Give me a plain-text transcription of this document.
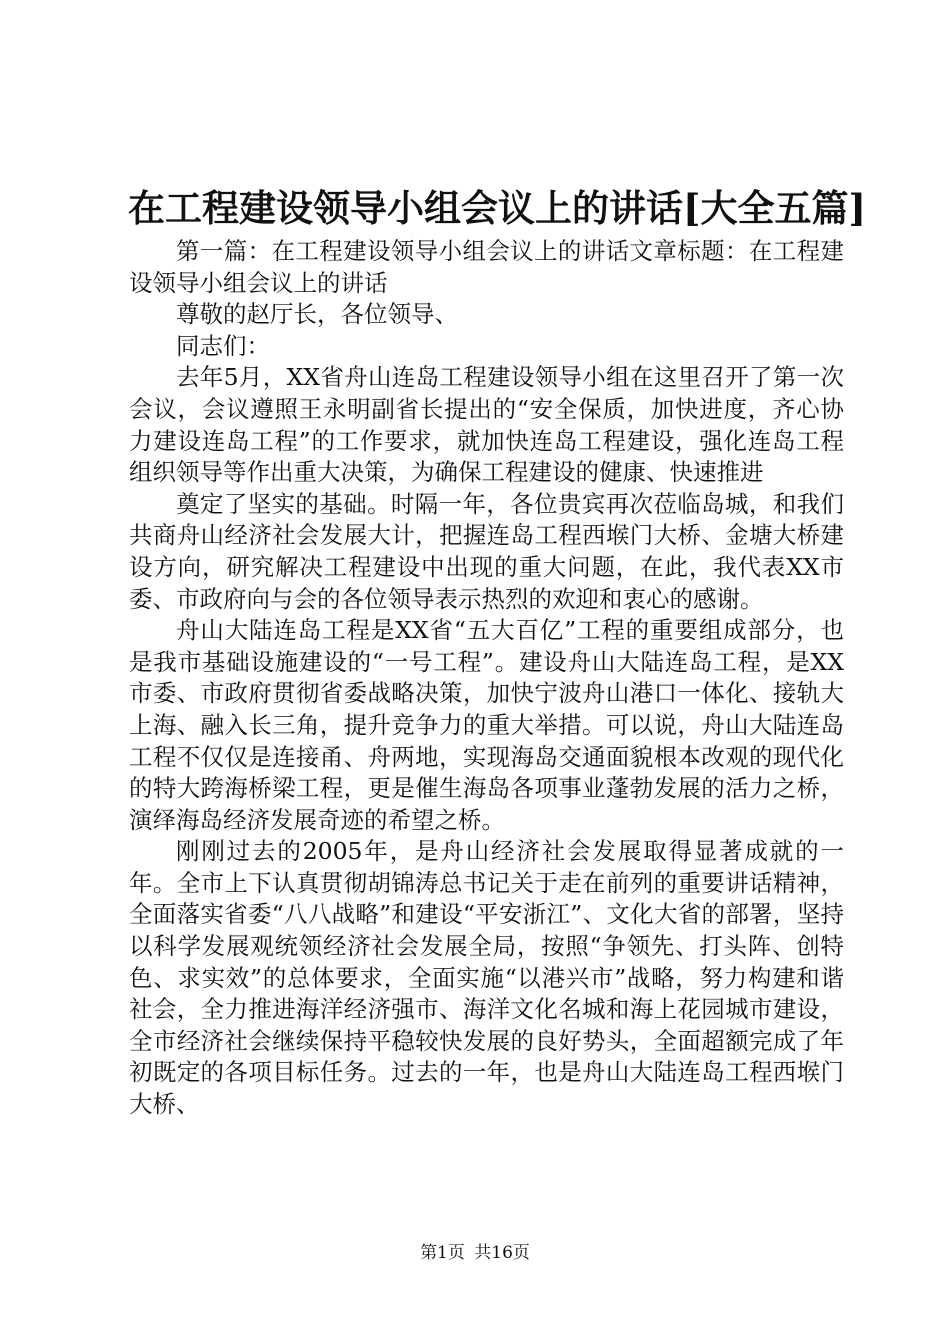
在工程建设领导小组会议上的讲话[大全五篇]

第一篇：在工程建设领导小组会议上的讲话文章标题：在工程建设领导小组会议上的讲话

尊敬的赵厅长，各位领导、

同志们：

去年5月，XX省舟山连岛工程建设领导小组在这里召开了第一次会议，会议遵照王永明副省长提出的“安全保质，加快进度，齐心协力建设连岛工程”的工作要求，就加快连岛工程建设，强化连岛工程组织领导等作出重大决策，为确保工程建设的健康、快速推进

奠定了坚实的基础。时隔一年，各位贵宾再次莅临岛城，和我们共商舟山经济社会发展大计，把握连岛工程西堠门大桥、金塘大桥建设方向，研究解决工程建设中出现的重大问题，在此，我代表XX市委、市政府向与会的各位领导表示热烈的欢迎和衷心的感谢。

舟山大陆连岛工程是XX省“五大百亿”工程的重要组成部分，也是我市基础设施建设的“一号工程”。建设舟山大陆连岛工程，是XX市委、市政府贯彻省委战略决策，加快宁波舟山港口一体化、接轨大上海、融入长三角，提升竞争力的重大举措。可以说，舟山大陆连岛工程不仅仅是连接甬、舟两地，实现海岛交通面貌根本改观的现代化的特大跨海桥梁工程，更是催生海岛各项事业蓬勃发展的活力之桥，演绎海岛经济发展奇迹的希望之桥。

刚刚过去的2005年，是舟山经济社会发展取得显著成就的一年。全市上下认真贯彻胡锦涛总书记关于走在前列的重要讲话精神，全面落实省委“八八战略”和建设“平安浙江”、文化大省的部署，坚持以科学发展观统领经济社会发展全局，按照“争领先、打头阵、创特色、求实效”的总体要求，全面实施“以港兴市”战略，努力构建和谐社会，全力推进海洋经济强市、海洋文化名城和海上花园城市建设，全市经济社会继续保持平稳较快发展的良好势头，全面超额完成了年初既定的各项目标任务。过去的一年，也是舟山大陆连岛工程西堠门大桥、

第1页 共16页
